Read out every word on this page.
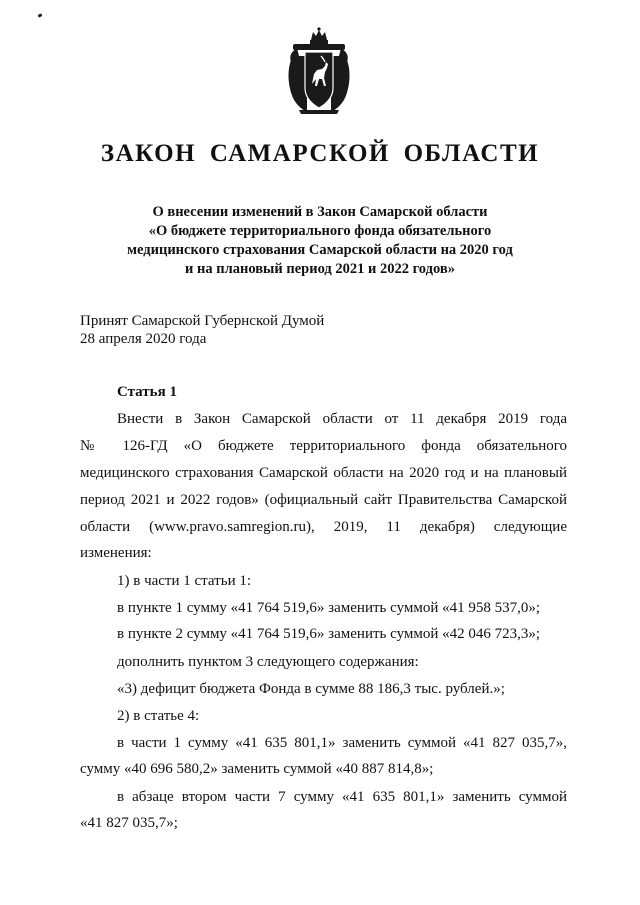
ЗАКОН САМАРСКОЙ ОБЛАСТИ
О внесении изменений в Закон Самарской области
«О бюджете территориального фонда обязательного
медицинского страхования Самарской области на 2020 год
и на плановый период 2021 и 2022 годов»
Принят Самарской Губернской Думой
28 апреля 2020 года
Статья 1
Внести в Закон Самарской области от 11 декабря 2019 года
№ 126-ГД «О бюджете территориального фонда обязательного
медицинского страхования Самарской области на 2020 год и на плановый
период 2021 и 2022 годов» (официальный сайт Правительства Самарской
области (www.pravo.samregion.ru), 2019, 11 декабря) следующие
изменения:
1) в части 1 статьи 1:
в пункте 1 сумму «41 764 519,6» заменить суммой «41 958 537,0»;
в пункте 2 сумму «41 764 519,6» заменить суммой «42 046 723,3»;
дополнить пунктом 3 следующего содержания:
«3) дефицит бюджета Фонда в сумме 88 186,3 тыс. рублей.»;
2) в статье 4:
в части 1 сумму «41 635 801,1» заменить суммой «41 827 035,7»,
сумму «40 696 580,2» заменить суммой «40 887 814,8»;
в абзаце втором части 7 сумму «41 635 801,1» заменить суммой
«41 827 035,7»;
